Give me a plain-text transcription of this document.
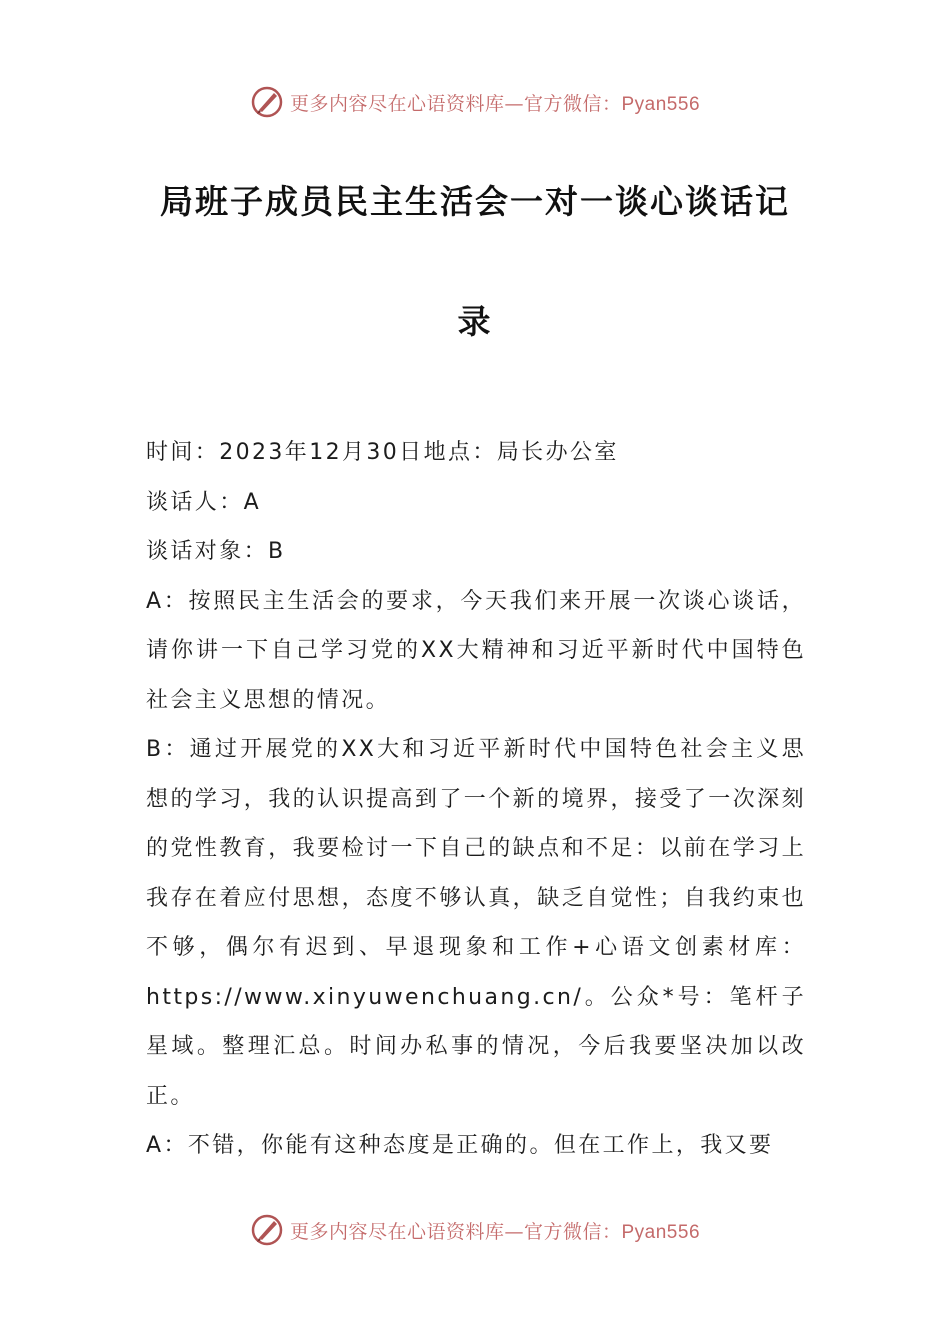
更多内容尽在心语资料库—官方微信：Pyan556
局班子成员民主生活会一对一谈心谈话记
录

时间：2023年12月30日地点：局长办公室

谈话人：A

谈话对象：B

A：按照民主生活会的要求，今天我们来开展一次谈心谈话，请你讲一下自己学习党的XX大精神和习近平新时代中国特色社会主义思想的情况。

B：通过开展党的XX大和习近平新时代中国特色社会主义思想的学习，我的认识提高到了一个新的境界，接受了一次深刻的党性教育，我要检讨一下自己的缺点和不足：以前在学习上我存在着应付思想，态度不够认真，缺乏自觉性；自我约束也不够，偶尔有迟到、早退现象和工作+心语文创素材库：https://www.xinyuwenchuang.cn/。公众*号：笔杆子星域。整理汇总。时间办私事的情况，今后我要坚决加以改正。

A：不错，你能有这种态度是正确的。但在工作上，我又要

更多内容尽在心语资料库—官方微信：Pyan556
